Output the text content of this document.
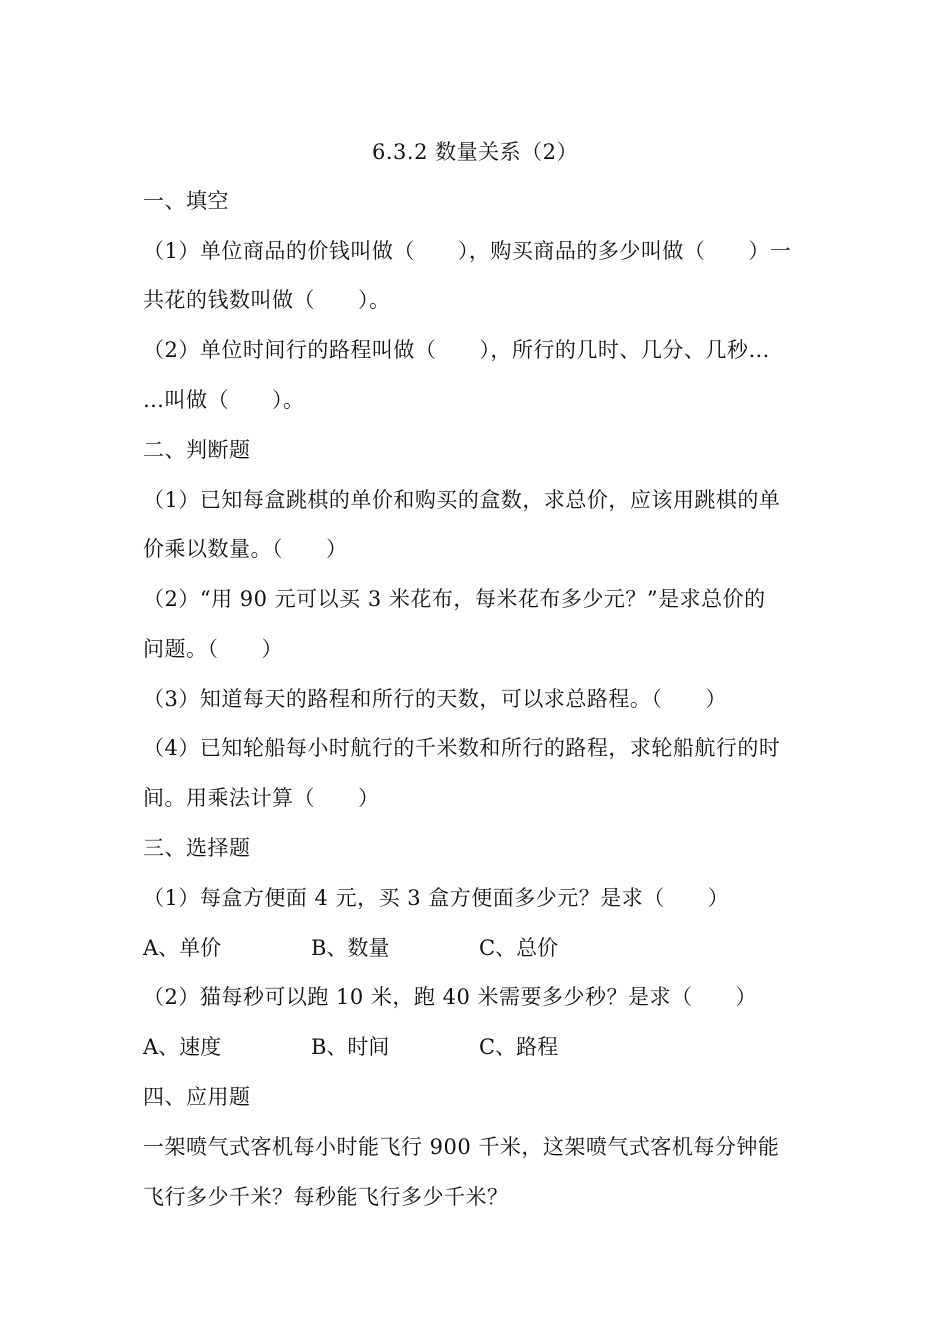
6.3.2 数量关系（2）
一、填空
（1）单位商品的价钱叫做（　　），购买商品的多少叫做（　　）一
共花的钱数叫做（　　）。
（2）单位时间行的路程叫做（　　），所行的几时、几分、几秒…
…叫做（　　）。
二、判断题
（1）已知每盒跳棋的单价和购买的盒数，求总价，应该用跳棋的单
价乘以数量。（　　）
（2）“用 90 元可以买 3 米花布，每米花布多少元？”是求总价的
问题。（　　）
（3）知道每天的路程和所行的天数，可以求总路程。（　　）
（4）已知轮船每小时航行的千米数和所行的路程，求轮船航行的时
间。用乘法计算（　　）
三、选择题
（1）每盒方便面 4 元，买 3 盒方便面多少元？是求（　　）
A、单价	B、数量	C、总价
（2）猫每秒可以跑 10 米，跑 40 米需要多少秒？是求（　　）
A、速度	B、时间	C、路程
四、应用题
一架喷气式客机每小时能飞行 900 千米，这架喷气式客机每分钟能
飞行多少千米？每秒能飞行多少千米？
